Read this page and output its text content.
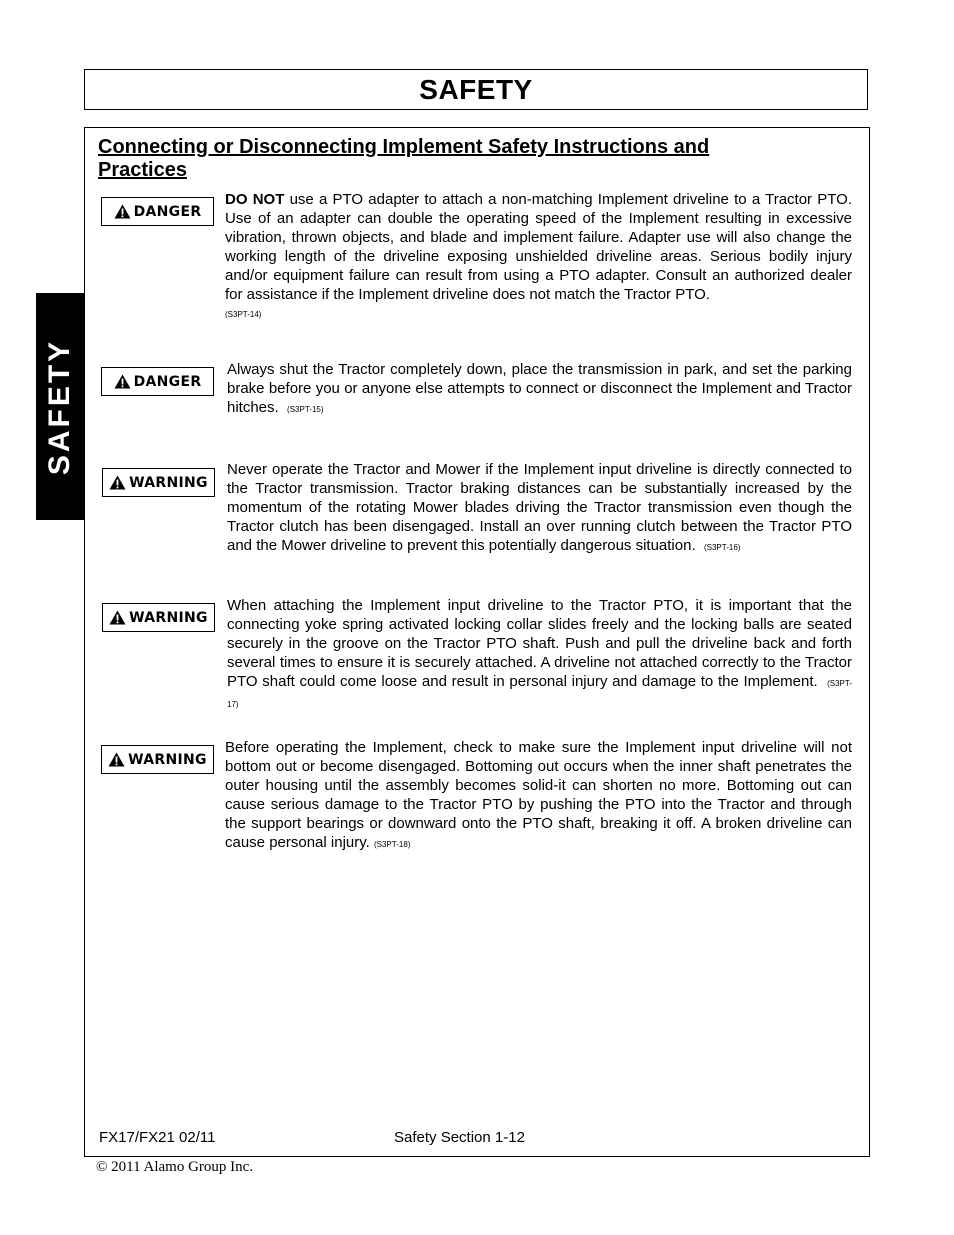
SAFETY
SAFETY
Connecting or Disconnecting Implement Safety Instructions and Practices
DANGER
DO NOT use a PTO adapter to attach a non-matching Implement driveline to a Tractor PTO. Use of an adapter can double the operating speed of the Implement resulting in excessive vibration, thrown objects, and blade and implement failure. Adapter use will also change the working length of the driveline exposing unshielded driveline areas. Serious bodily injury and/or equipment failure can result from using a PTO adapter. Consult an authorized dealer for assistance if the Implement driveline does not match the Tractor PTO.
(S3PT-14)
DANGER
Always shut the Tractor completely down, place the transmission in park, and set the parking brake before you or anyone else attempts to connect or disconnect the Implement and Tractor hitches. (S3PT-15)
WARNING
Never operate the Tractor and Mower if the Implement input driveline is directly connected to the Tractor transmission. Tractor braking distances can be substantially increased by the momentum of the rotating Mower blades driving the Tractor transmission even though the Tractor clutch has been disengaged. Install an over running clutch between the Tractor PTO and the Mower driveline to prevent this potentially dangerous situation. (S3PT-16)
WARNING
When attaching the Implement input driveline to the Tractor PTO, it is important that the connecting yoke spring activated locking collar slides freely and the locking balls are seated securely in the groove on the Tractor PTO shaft. Push and pull the driveline back and forth several times to ensure it is securely attached. A driveline not attached correctly to the Tractor PTO shaft could come loose and result in personal injury and damage to the Implement. (S3PT-17)
WARNING
Before operating the Implement, check to make sure the Implement input driveline will not bottom out or become disengaged. Bottoming out occurs when the inner shaft penetrates the outer housing until the assembly becomes solid-it can shorten no more. Bottoming out can cause serious damage to the Tractor PTO by pushing the PTO into the Tractor and through the support bearings or downward onto the PTO shaft, breaking it off. A broken driveline can cause personal injury. (S3PT-18)
FX17/FX21 02/11	Safety Section 1-12
© 2011 Alamo Group Inc.
